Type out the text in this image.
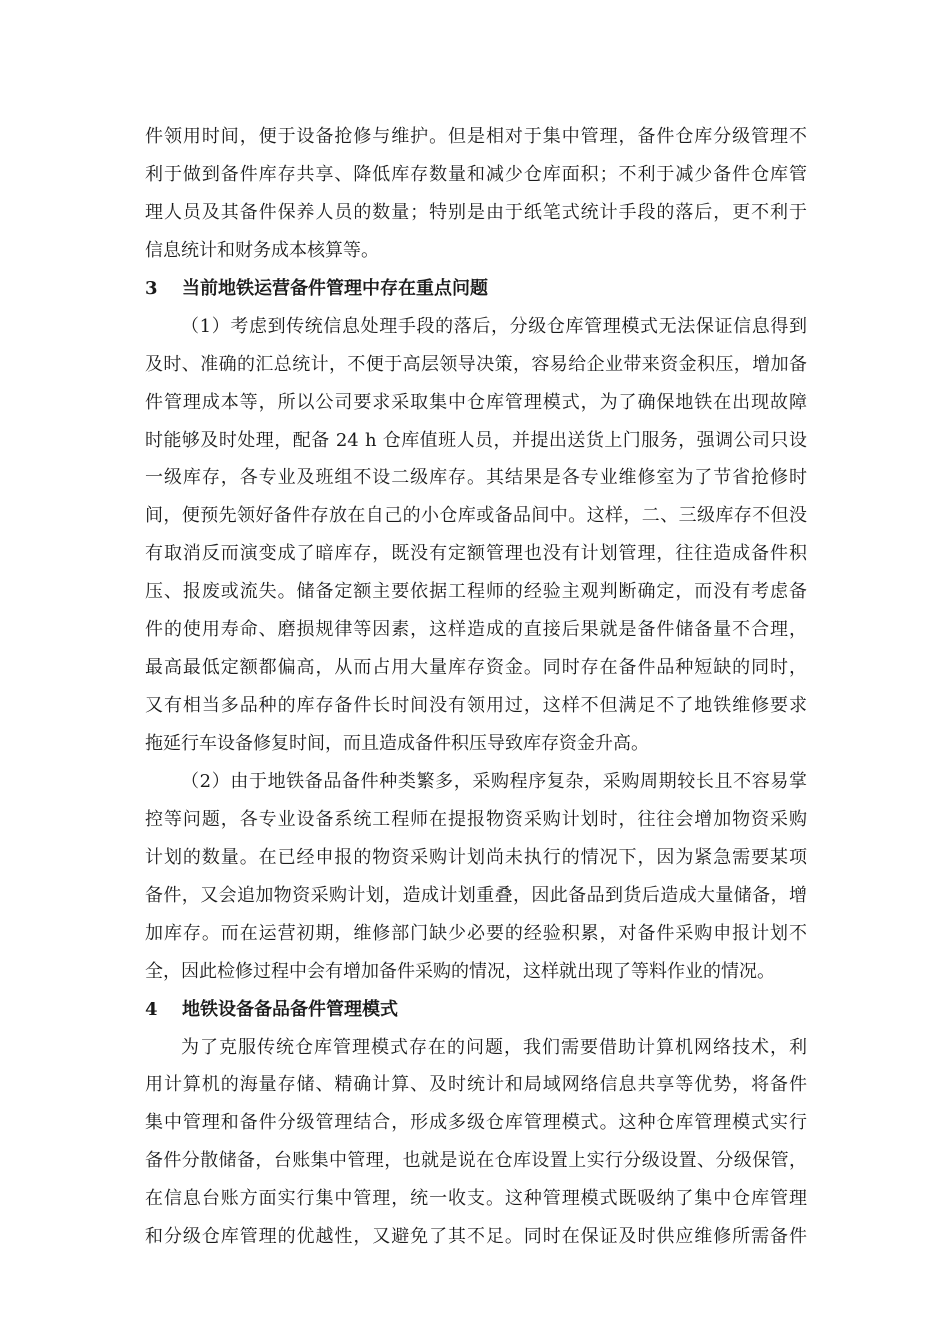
件领用时间，便于设备抢修与维护。但是相对于集中管理，备件仓库分级管理不
利于做到备件库存共享、降低库存数量和减少仓库面积；不利于减少备件仓库管
理人员及其备件保养人员的数量；特别是由于纸笔式统计手段的落后，更不利于
信息统计和财务成本核算等。
3 当前地铁运营备件管理中存在重点问题
（1）考虑到传统信息处理手段的落后，分级仓库管理模式无法保证信息得到
及时、准确的汇总统计，不便于高层领导决策，容易给企业带来资金积压，增加备
件管理成本等，所以公司要求采取集中仓库管理模式，为了确保地铁在出现故障
时能够及时处理，配备 24 h 仓库值班人员，并提出送货上门服务，强调公司只设
一级库存，各专业及班组不设二级库存。其结果是各专业维修室为了节省抢修时
间，便预先领好备件存放在自己的小仓库或备品间中。这样，二、三级库存不但没
有取消反而演变成了暗库存，既没有定额管理也没有计划管理，往往造成备件积
压、报废或流失。储备定额主要依据工程师的经验主观判断确定，而没有考虑备
件的使用寿命、磨损规律等因素，这样造成的直接后果就是备件储备量不合理，
最高最低定额都偏高，从而占用大量库存资金。同时存在备件品种短缺的同时，
又有相当多品种的库存备件长时间没有领用过，这样不但满足不了地铁维修要求
拖延行车设备修复时间，而且造成备件积压导致库存资金升高。
（2）由于地铁备品备件种类繁多，采购程序复杂，采购周期较长且不容易掌
控等问题，各专业设备系统工程师在提报物资采购计划时，往往会增加物资采购
计划的数量。在已经申报的物资采购计划尚未执行的情况下，因为紧急需要某项
备件，又会追加物资采购计划，造成计划重叠，因此备品到货后造成大量储备，增
加库存。而在运营初期，维修部门缺少必要的经验积累，对备件采购申报计划不
全，因此检修过程中会有增加备件采购的情况，这样就出现了等料作业的情况。
4 地铁设备备品备件管理模式
为了克服传统仓库管理模式存在的问题，我们需要借助计算机网络技术，利
用计算机的海量存储、精确计算、及时统计和局域网络信息共享等优势，将备件
集中管理和备件分级管理结合，形成多级仓库管理模式。这种仓库管理模式实行
备件分散储备，台账集中管理，也就是说在仓库设置上实行分级设置、分级保管，
在信息台账方面实行集中管理，统一收支。这种管理模式既吸纳了集中仓库管理
和分级仓库管理的优越性，又避免了其不足。同时在保证及时供应维修所需备件
